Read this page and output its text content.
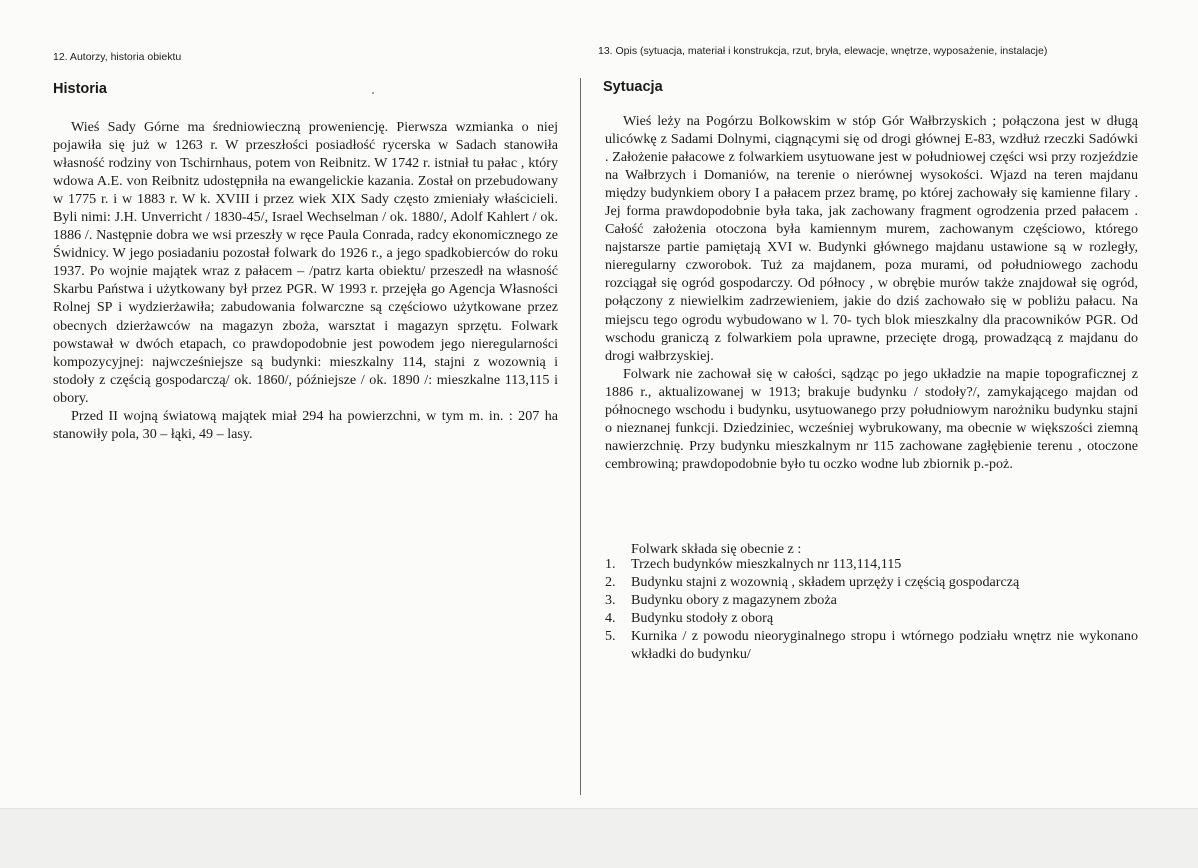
12. Autorzy, historia obiektu	13. Opis (sytuacja, materiał i konstrukcja, rzut, bryła, elewacje, wnętrze, wyposażenie, instalacje)
Historia	Sytuacja

Wieś Sady Górne ma średniowieczną proweniencję. Pierwsza wzmianka o niej pojawiła się już w 1263 r. W przeszłości posiadłość rycerska w Sadach stanowiła własność rodziny von Tschirnhaus, potem von Reibnitz. W 1742 r. istniał tu pałac , który wdowa A.E. von Reibnitz udostępniła na ewangelickie kazania. Został on przebudowany w 1775 r. i w 1883 r. W k. XVIII i przez wiek XIX Sady często zmieniały właścicieli. Byli nimi: J.H. Unverricht / 1830-45/, Israel Wechselman / ok. 1880/, Adolf Kahlert / ok. 1886 /. Następnie dobra we wsi przeszły w ręce Paula Conrada, radcy ekonomicznego ze Świdnicy. W jego posiadaniu pozostał folwark do 1926 r., a jego spadkobierców do roku 1937. Po wojnie majątek wraz z pałacem – /patrz karta obiektu/ przeszedł na własność Skarbu Państwa i użytkowany był przez PGR. W 1993 r. przejęła go Agencja Własności Rolnej SP i wydzierżawiła; zabudowania folwarczne są częściowo użytkowane przez obecnych dzierżawców na magazyn zboża, warsztat i magazyn sprzętu. Folwark powstawał w dwóch etapach, co prawdopodobnie jest powodem jego nieregularności kompozycyjnej: najwcześniejsze są budynki: mieszkalny 114, stajni z wozownią i stodoły z częścią gospodarczą/ ok. 1860/, późniejsze / ok. 1890 /: mieszkalne 113,115 i obory.

Przed II wojną światową majątek miał 294 ha powierzchni, w tym m. in. : 207 ha stanowiły pola, 30 – łąki, 49 – lasy.

Wieś leży na Pogórzu Bolkowskim w stóp Gór Wałbrzyskich ; połączona jest w długą ulicówkę z Sadami Dolnymi, ciągnącymi się od drogi głównej E-83, wzdłuż rzeczki Sadówki . Założenie pałacowe z folwarkiem usytuowane jest w południowej części wsi przy rozjeździe na Wałbrzych i Domaniów, na terenie o nierównej wysokości. Wjazd na teren majdanu między budynkiem obory I a pałacem przez bramę, po której zachowały się kamienne filary . Jej forma prawdopodobnie była taka, jak zachowany fragment ogrodzenia przed pałacem . Całość założenia otoczona była kamiennym murem, zachowanym częściowo, którego najstarsze partie pamiętają XVI w. Budynki głównego majdanu ustawione są w rozległy, nieregularny czworobok. Tuż za majdanem, poza murami, od południowego zachodu rozciągał się ogród gospodarczy. Od północy , w obrębie murów także znajdował się ogród, połączony z niewielkim zadrzewieniem, jakie do dziś zachowało się w pobliżu pałacu. Na miejscu tego ogrodu wybudowano w l. 70- tych blok mieszkalny dla pracowników PGR. Od wschodu graniczą z folwarkiem pola uprawne, przecięte drogą, prowadzącą z majdanu do drogi wałbrzyskiej.

Folwark nie zachował się w całości, sądząc po jego układzie na mapie topograficznej z 1886 r., aktualizowanej w 1913; brakuje budynku / stodoły?/, zamykającego majdan od północnego wschodu i budynku, usytuowanego przy południowym narożniku budynku stajni o nieznanej funkcji. Dziedziniec, wcześniej wybrukowany, ma obecnie w większości ziemną nawierzchnię. Przy budynku mieszkalnym nr 115 zachowane zagłębienie terenu , otoczone cembrowiną; prawdopodobnie było tu oczko wodne lub zbiornik p.-poż.

Folwark składa się obecnie z :
1. Trzech budynków mieszkalnych nr 113,114,115
2. Budynku stajni z wozownią , składem uprzęży i częścią gospodarczą
3. Budynku obory z magazynem zboża
4. Budynku stodoły z oborą
5. Kurnika / z powodu nieoryginalnego stropu i wtórnego podziału wnętrz nie wykonano wkładki do budynku/
